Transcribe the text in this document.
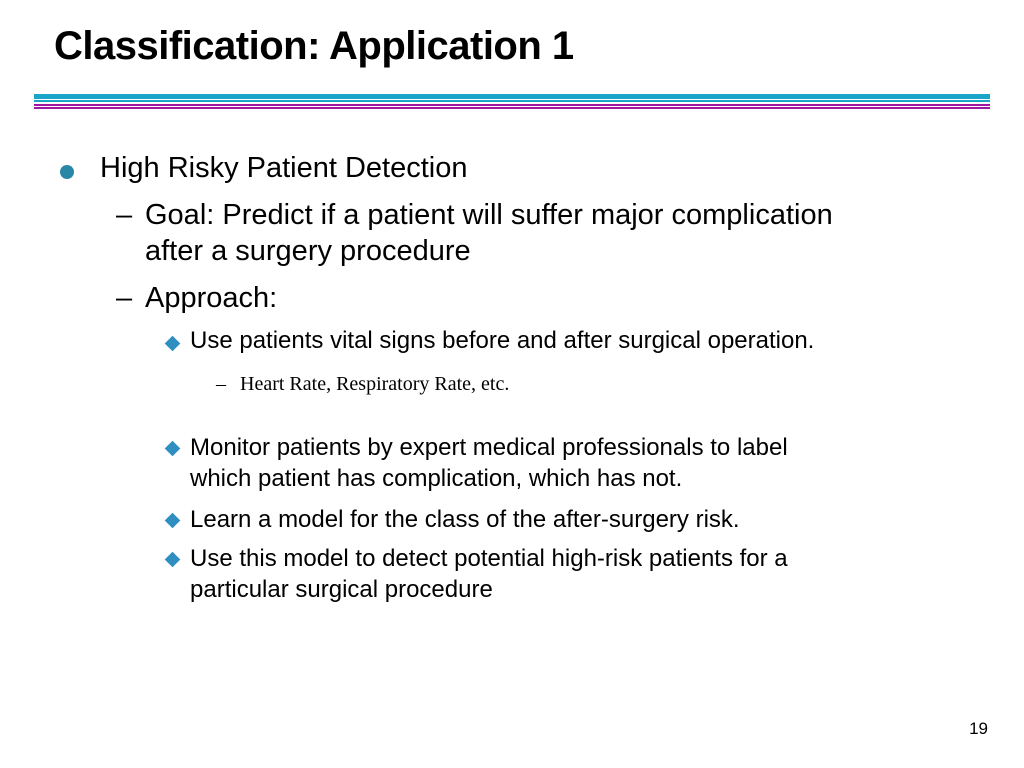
Classification: Application 1
High Risky Patient Detection
– Goal: Predict if a patient will suffer major complication
after a surgery procedure
– Approach:
Use patients vital signs before and after surgical operation.
– Heart Rate, Respiratory Rate, etc.
Monitor patients by expert medical professionals to label
which patient has complication, which has not.
Learn a model for the class of the after-surgery risk.
Use this model to detect potential high-risk patients for a
particular surgical procedure
19
